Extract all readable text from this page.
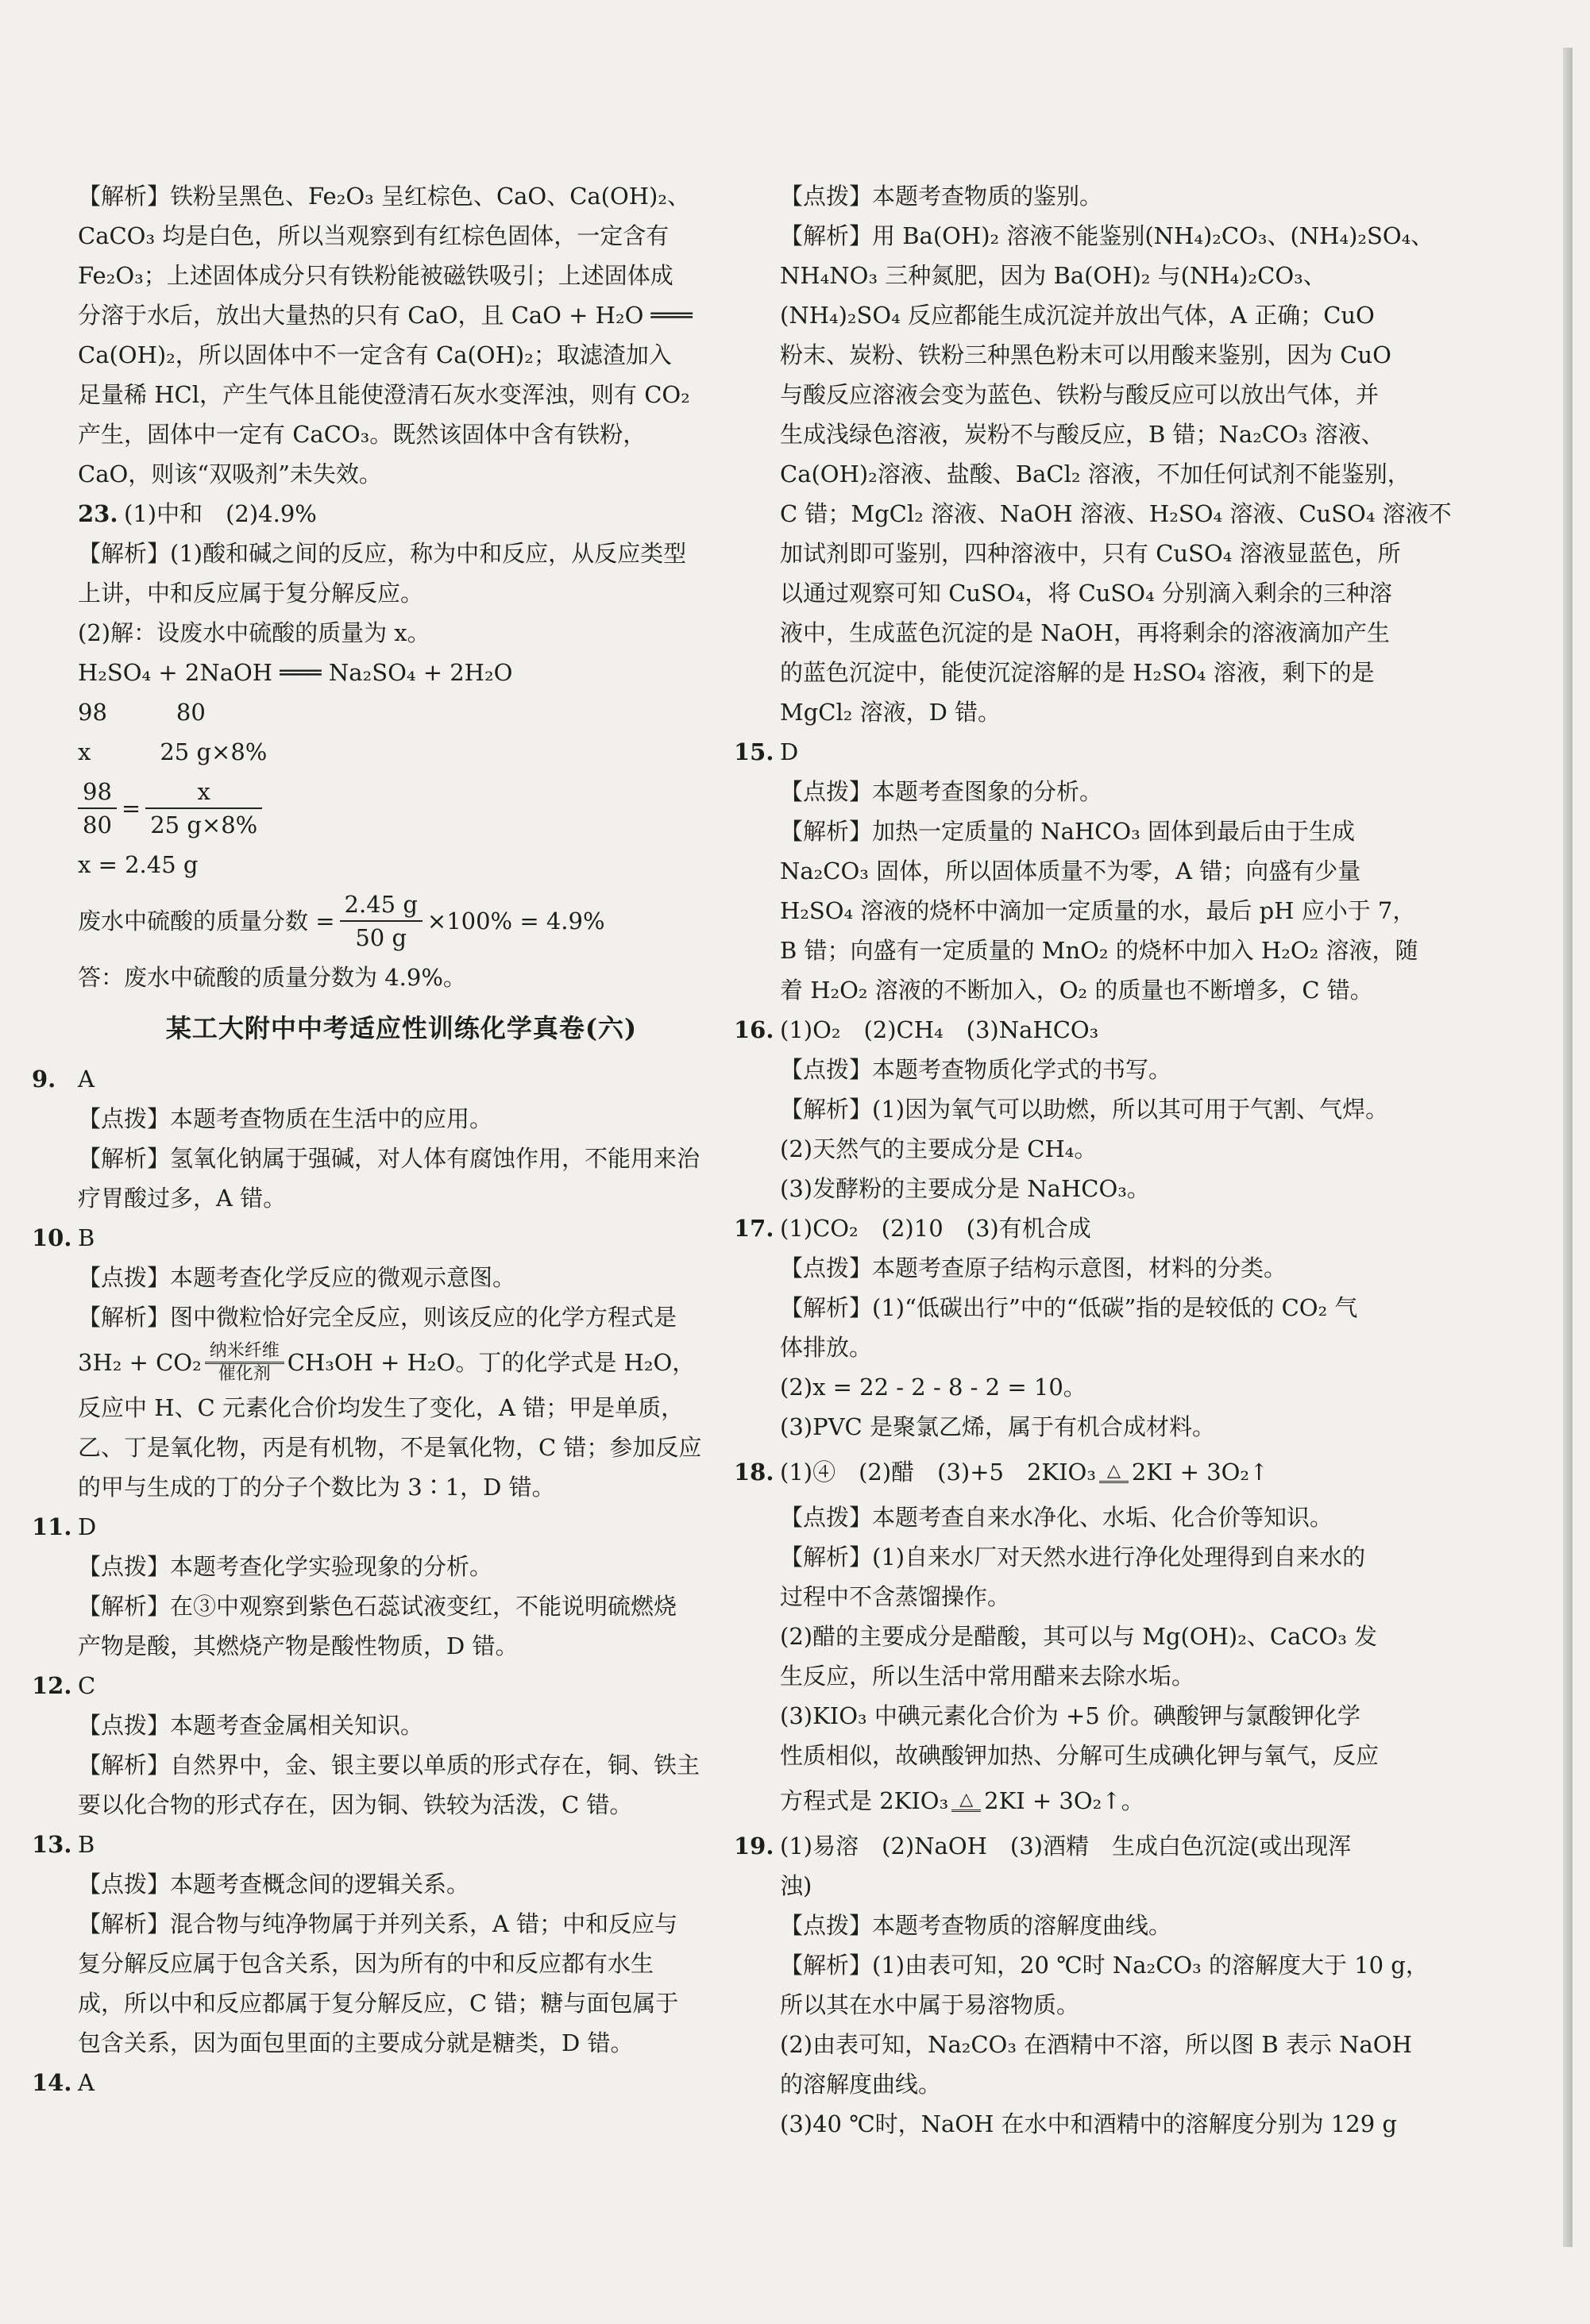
【解析】铁粉呈黑色、Fe₂O₃ 呈红棕色、CaO、Ca(OH)₂、
CaCO₃ 均是白色，所以当观察到有红棕色固体，一定含有
Fe₂O₃；上述固体成分只有铁粉能被磁铁吸引；上述固体成
分溶于水后，放出大量热的只有 CaO，且 CaO + H₂O ═══
Ca(OH)₂，所以固体中不一定含有 Ca(OH)₂；取滤渣加入
足量稀 HCl，产生气体且能使澄清石灰水变浑浊，则有 CO₂
产生，固体中一定有 CaCO₃。既然该固体中含有铁粉，
CaO，则该“双吸剂”未失效。
23. (1)中和　(2)4.9%
【解析】(1)酸和碱之间的反应，称为中和反应，从反应类型
上讲，中和反应属于复分解反应。
(2)解：设废水中硫酸的质量为 x。
H₂SO₄ + 2NaOH ═══ Na₂SO₄ + 2H₂O
98　　　80
x　　　25 g×8%
$\frac{98}{80} = \frac{x}{25 g\times 8\%}$
x = 2.45 g
废水中硫酸的质量分数 = $\frac{2.45 g}{50 g} \times 100\% = 4.9\%$
答：废水中硫酸的质量分数为 4.9%。
某工大附中中考适应性训练化学真卷(六)
9. A
【点拨】本题考查物质在生活中的应用。
【解析】氢氧化钠属于强碱，对人体有腐蚀作用，不能用来治
疗胃酸过多，A 错。
10. B
【点拨】本题考查化学反应的微观示意图。
【解析】图中微粒恰好完全反应，则该反应的化学方程式是
3H₂ + CO₂ 纳米纤维
催化剂 CH₃OH + H₂O。丁的化学式是 H₂O，
反应中 H、C 元素化合价均发生了变化，A 错；甲是单质，
乙、丁是氧化物，丙是有机物，不是氧化物，C 错；参加反应
的甲与生成的丁的分子个数比为 3∶1，D 错。
11. D
【点拨】本题考查化学实验现象的分析。
【解析】在③中观察到紫色石蕊试液变红，不能说明硫燃烧
产物是酸，其燃烧产物是酸性物质，D 错。
12. C
【点拨】本题考查金属相关知识。
【解析】自然界中，金、银主要以单质的形式存在，铜、铁主
要以化合物的形式存在，因为铜、铁较为活泼，C 错。
13. B
【点拨】本题考查概念间的逻辑关系。
【解析】混合物与纯净物属于并列关系，A 错；中和反应与
复分解反应属于包含关系，因为所有的中和反应都有水生
成，所以中和反应都属于复分解反应，C 错；糖与面包属于
包含关系，因为面包里面的主要成分就是糖类，D 错。
14. A
【点拨】本题考查物质的鉴别。
【解析】用 Ba(OH)₂ 溶液不能鉴别(NH₄)₂CO₃、(NH₄)₂SO₄、
NH₄NO₃ 三种氮肥，因为 Ba(OH)₂ 与(NH₄)₂CO₃、
(NH₄)₂SO₄ 反应都能生成沉淀并放出气体，A 正确；CuO
粉末、炭粉、铁粉三种黑色粉末可以用酸来鉴别，因为 CuO
与酸反应溶液会变为蓝色、铁粉与酸反应可以放出气体，并
生成浅绿色溶液，炭粉不与酸反应，B 错；Na₂CO₃ 溶液、
Ca(OH)₂溶液、盐酸、BaCl₂ 溶液，不加任何试剂不能鉴别，
C 错；MgCl₂ 溶液、NaOH 溶液、H₂SO₄ 溶液、CuSO₄ 溶液不
加试剂即可鉴别，四种溶液中，只有 CuSO₄ 溶液显蓝色，所
以通过观察可知 CuSO₄，将 CuSO₄ 分别滴入剩余的三种溶
液中，生成蓝色沉淀的是 NaOH，再将剩余的溶液滴加产生
的蓝色沉淀中，能使沉淀溶解的是 H₂SO₄ 溶液，剩下的是
MgCl₂ 溶液，D 错。
15. D
【点拨】本题考查图象的分析。
【解析】加热一定质量的 NaHCO₃ 固体到最后由于生成
Na₂CO₃ 固体，所以固体质量不为零，A 错；向盛有少量
H₂SO₄ 溶液的烧杯中滴加一定质量的水，最后 pH 应小于 7，
B 错；向盛有一定质量的 MnO₂ 的烧杯中加入 H₂O₂ 溶液，随
着 H₂O₂ 溶液的不断加入，O₂ 的质量也不断增多，C 错。
16. (1)O₂　(2)CH₄　(3)NaHCO₃
【点拨】本题考查物质化学式的书写。
【解析】(1)因为氧气可以助燃，所以其可用于气割、气焊。
(2)天然气的主要成分是 CH₄。
(3)发酵粉的主要成分是 NaHCO₃。
17. (1)CO₂　(2)10　(3)有机合成
【点拨】本题考查原子结构示意图，材料的分类。
【解析】(1)“低碳出行”中的“低碳”指的是较低的 CO₂ 气
体排放。
(2)x = 22 - 2 - 8 - 2 = 10。
(3)PVC 是聚氯乙烯，属于有机合成材料。
18. (1)④　(2)醋　(3)+5　2KIO₃ △ 2KI + 3O₂↑
【点拨】本题考查自来水净化、水垢、化合价等知识。
【解析】(1)自来水厂对天然水进行净化处理得到自来水的
过程中不含蒸馏操作。
(2)醋的主要成分是醋酸，其可以与 Mg(OH)₂、CaCO₃ 发
生反应，所以生活中常用醋来去除水垢。
(3)KIO₃ 中碘元素化合价为 +5 价。碘酸钾与氯酸钾化学
性质相似，故碘酸钾加热、分解可生成碘化钾与氧气，反应
方程式是 2KIO₃ △ 2KI + 3O₂↑。
19. (1)易溶　(2)NaOH　(3)酒精　生成白色沉淀(或出现浑
浊)
【点拨】本题考查物质的溶解度曲线。
【解析】(1)由表可知，20 ℃时 Na₂CO₃ 的溶解度大于 10 g，
所以其在水中属于易溶物质。
(2)由表可知，Na₂CO₃ 在酒精中不溶，所以图 B 表示 NaOH
的溶解度曲线。
(3)40 ℃时，NaOH 在水中和酒精中的溶解度分别为 129 g
